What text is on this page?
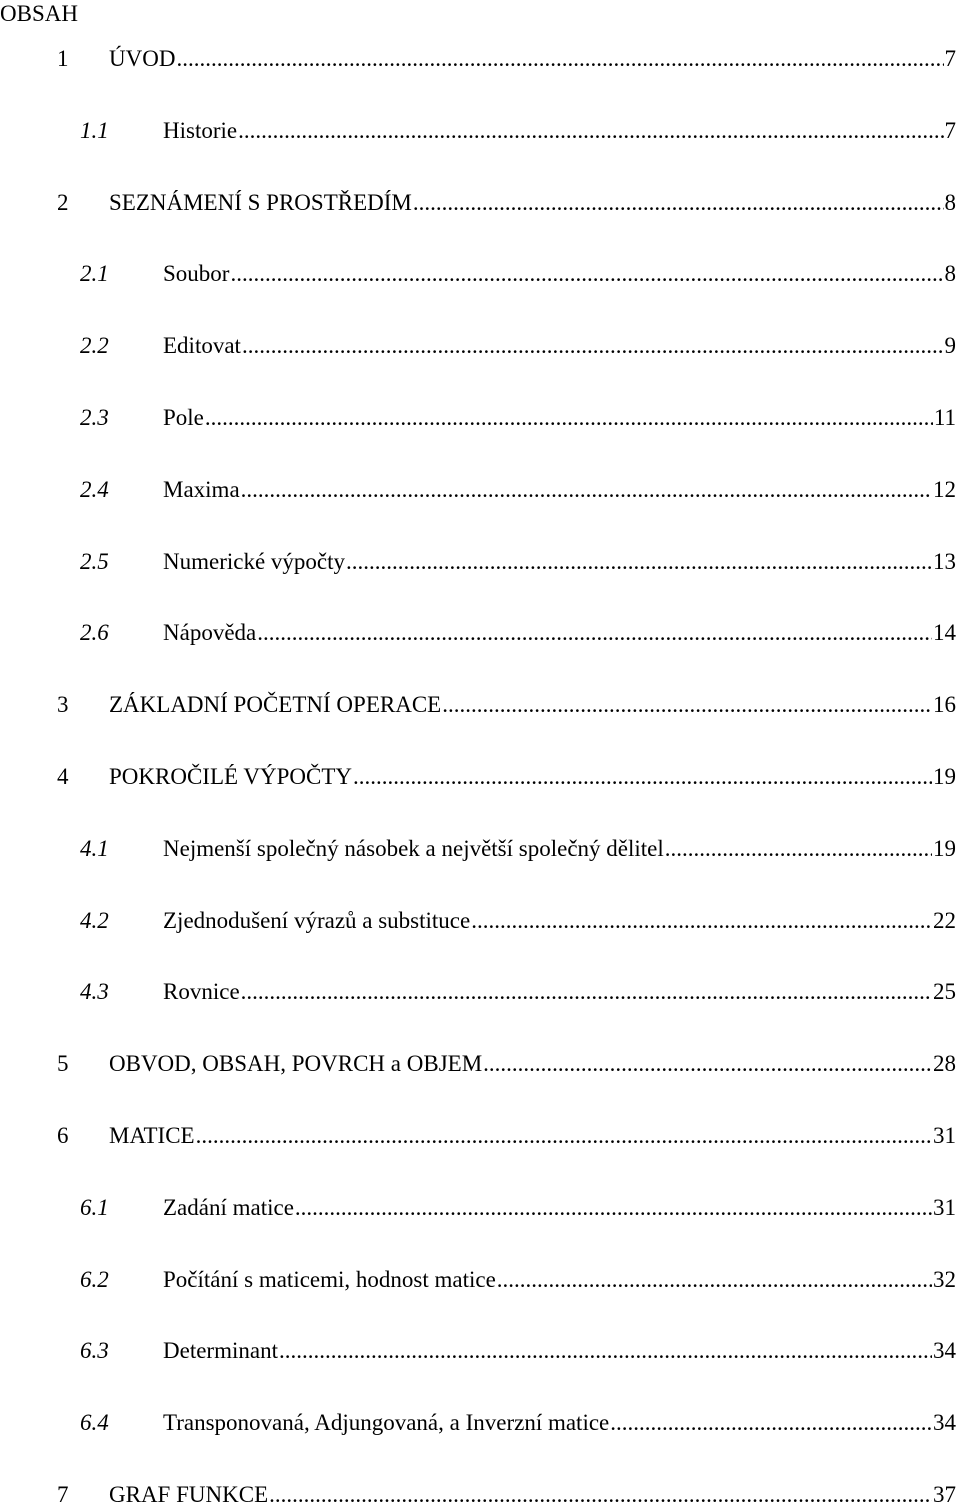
OBSAH
1 ÚVOD .....	7
1.1 Historie .....	7
2 SEZNÁMENÍ S PROSTŘEDÍM .....	8
2.1 Soubor .....	8
2.2 Editovat .....	9
2.3 Pole .....	11
2.4 Maxima .....	12
2.5 Numerické výpočty .....	13
2.6 Nápověda .....	14
3 ZÁKLADNÍ POČETNÍ OPERACE .....	16
4 POKROČILÉ VÝPOČTY .....	19
4.1 Nejmenší společný násobek a největší společný dělitel .....	19
4.2 Zjednodušení výrazů a substituce .....	22
4.3 Rovnice .....	25
5 OBVOD, OBSAH, POVRCH a OBJEM .....	28
6 MATICE .....	31
6.1 Zadání matice .....	31
6.2 Počítání s maticemi, hodnost matice .....	32
6.3 Determinant .....	34
6.4 Transponovaná, Adjungovaná, a Inverzní matice .....	34
7 GRAF FUNKCE .....	37
